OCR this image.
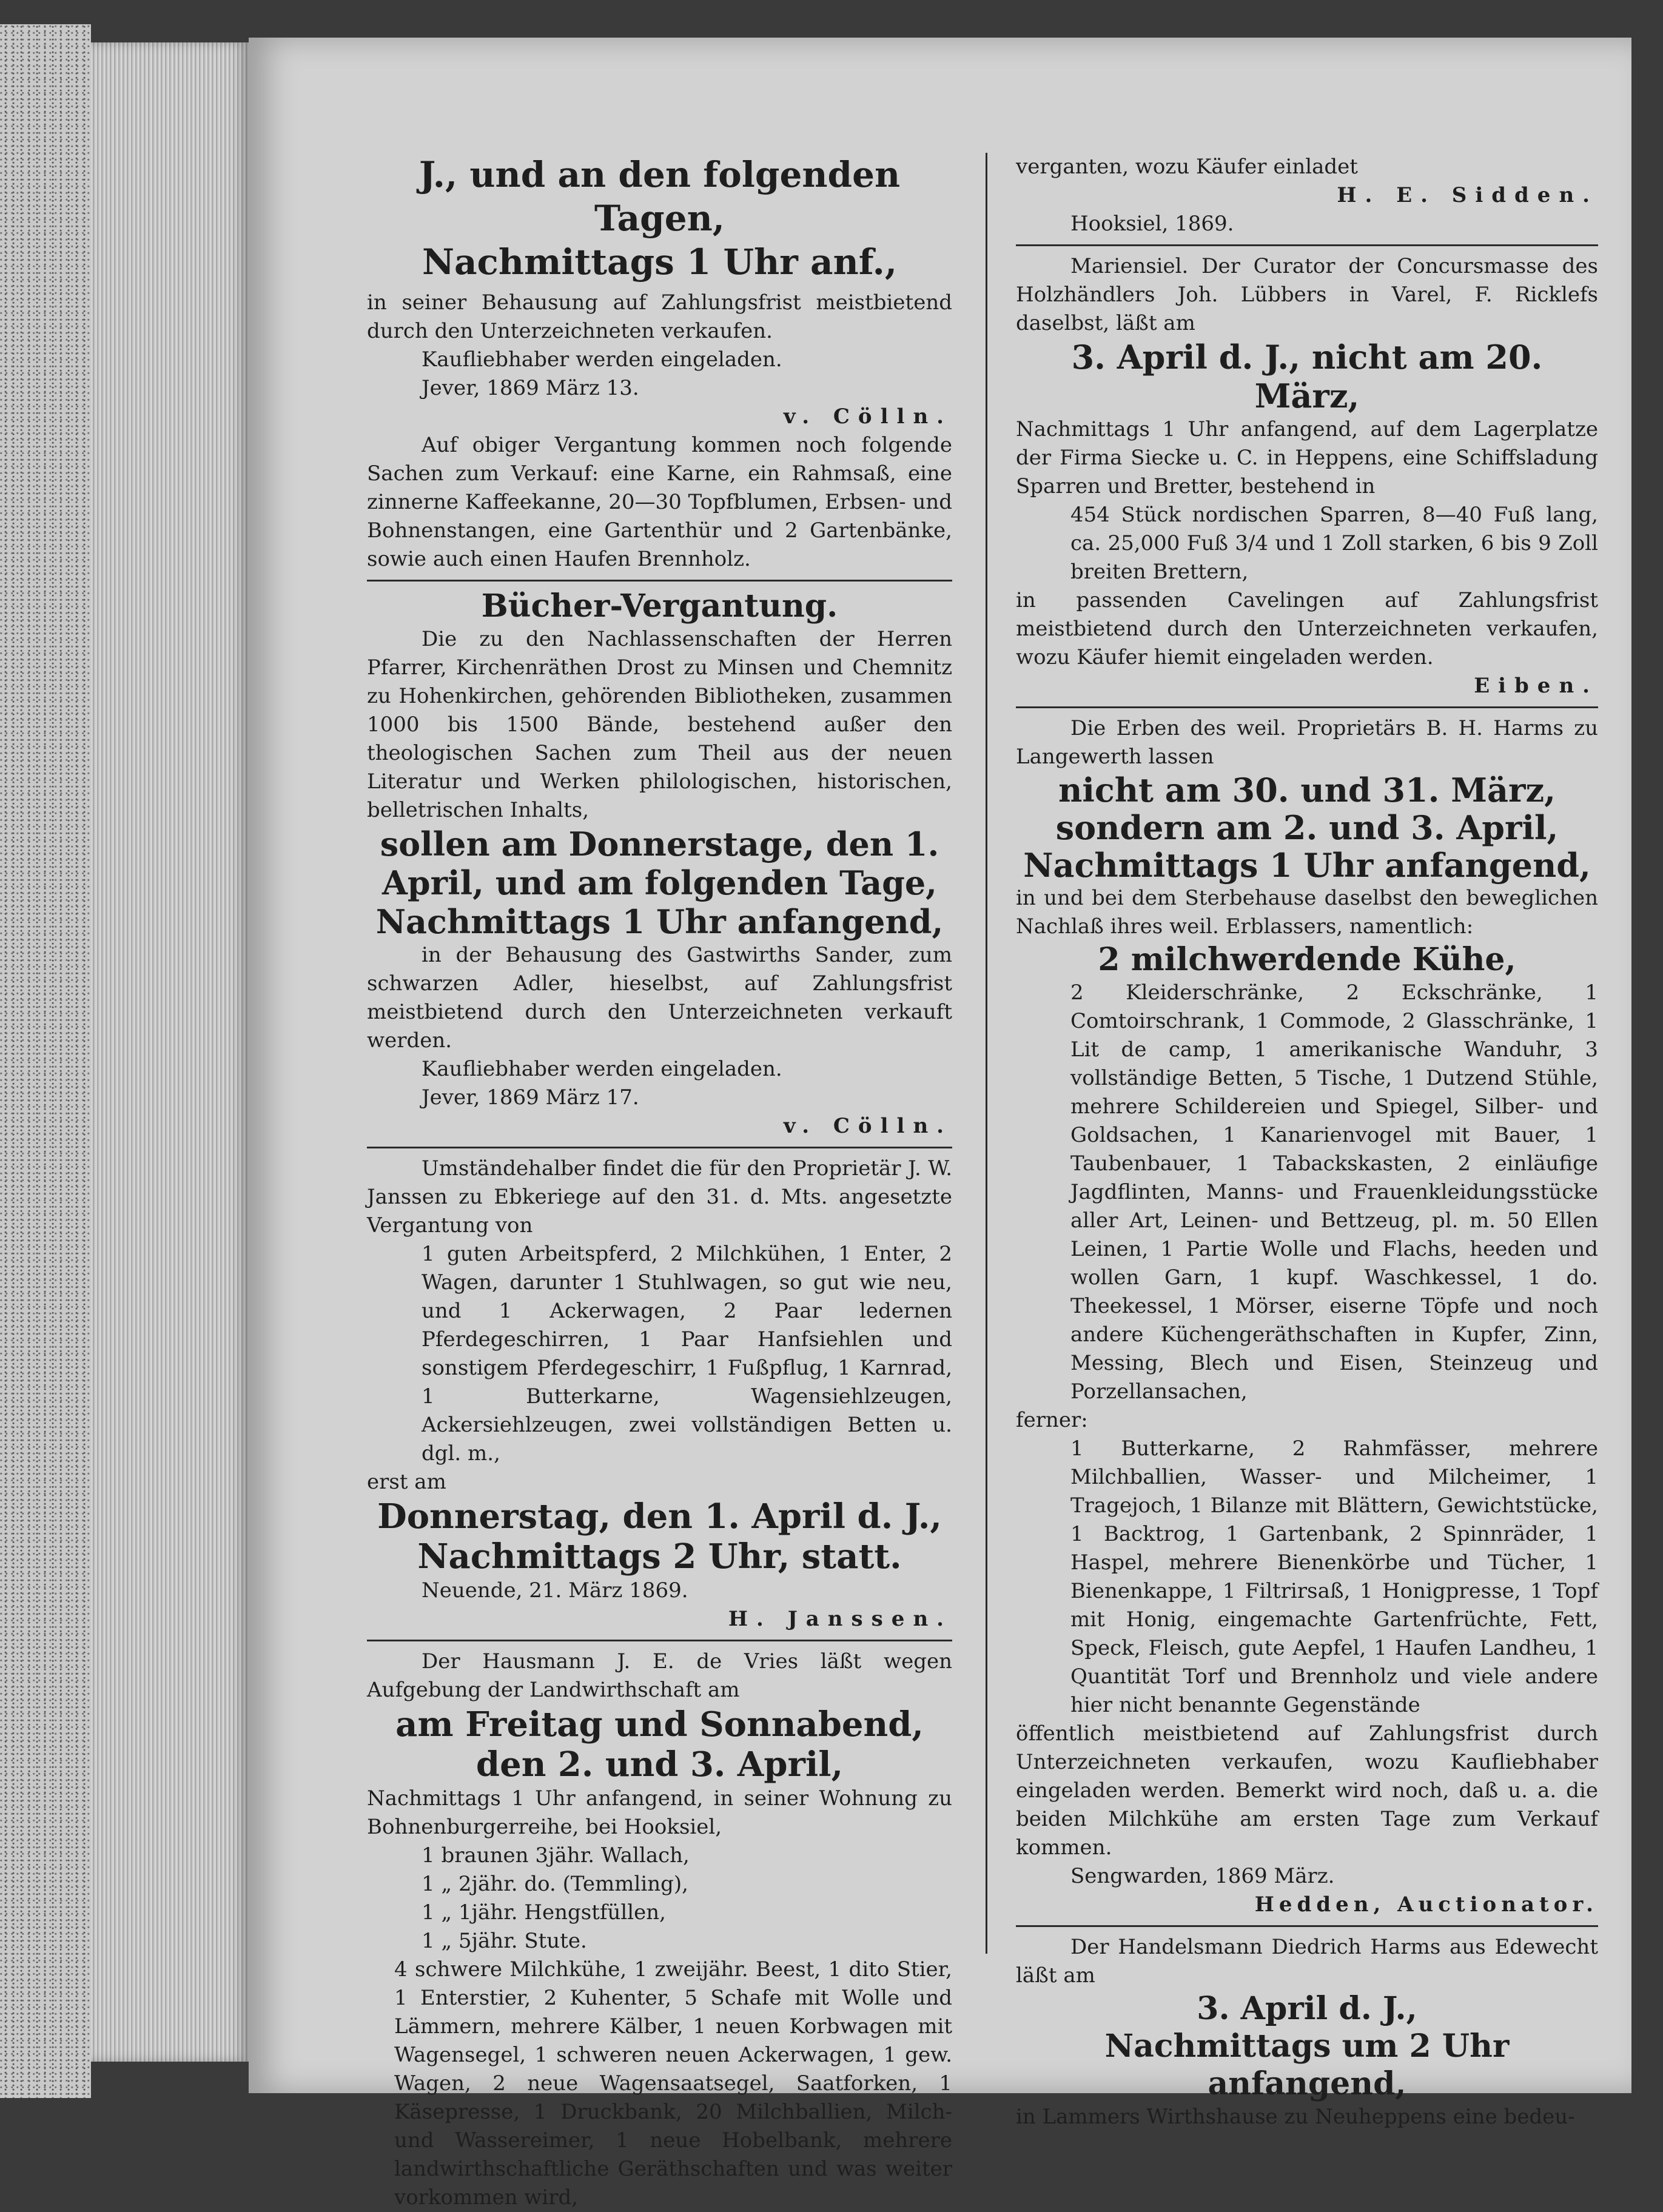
J., und an den folgenden Tagen,

Nachmittags 1 Uhr anf.,

in seiner Behausung auf Zahlungsfrist meistbietend durch den Unterzeichneten verkaufen.

Kaufliebhaber werden eingeladen.

Jever, 1869 März 13.

v. Cölln.

Auf obiger Vergantung kommen noch folgende Sachen zum Verkauf: eine Karne, ein Rahmsaß, eine zinnerne Kaffeekanne, 20—30 Topfblumen, Erbsen- und Bohnenstangen, eine Gartenthür und 2 Gartenbänke, sowie auch einen Haufen Brennholz.

Bücher-Vergantung.

Die zu den Nachlassenschaften der Herren Pfarrer, Kirchenräthen Drost zu Minsen und Chemnitz zu Hohenkirchen, gehörenden Bibliotheken, zusammen 1000 bis 1500 Bände, bestehend außer den theologischen Sachen zum Theil aus der neuen Literatur und Werken philologischen, historischen, belletrischen Inhalts,

sollen am Donnerstage, den 1. April, und am folgenden Tage, Nachmittags 1 Uhr anfangend,

in der Behausung des Gastwirths Sander, zum schwarzen Adler, hieselbst, auf Zahlungsfrist meistbietend durch den Unterzeichneten verkauft werden.

Kaufliebhaber werden eingeladen.

Jever, 1869 März 17.

v. Cölln.

Umständehalber findet die für den Proprietär J. W. Janssen zu Ebkeriege auf den 31. d. Mts. angesetzte Vergantung von

1 guten Arbeitspferd, 2 Milchkühen, 1 Enter, 2 Wagen, darunter 1 Stuhlwagen, so gut wie neu, und 1 Ackerwagen, 2 Paar ledernen Pferdegeschirren, 1 Paar Hanfsiehlen und sonstigem Pferdegeschirr, 1 Fußpflug, 1 Karnrad, 1 Butterkarne, Wagensiehlzeugen, Ackersiehlzeugen, zwei vollständigen Betten u. dgl. m.,

erst am

Donnerstag, den 1. April d. J., Nachmittags 2 Uhr, statt.

Neuende, 21. März 1869.

H. Janssen.

Der Hausmann J. E. de Vries läßt wegen Aufgebung der Landwirthschaft am

am Freitag und Sonnabend, den 2. und 3. April,

Nachmittags 1 Uhr anfangend, in seiner Wohnung zu Bohnenburgerreihe, bei Hooksiel,

1 braunen 3jähr. Wallach,

1 „ 2jähr. do. (Temmling),

1 „ 1jähr. Hengstfüllen,

1 „ 5jähr. Stute.

4 schwere Milchkühe, 1 zweijähr. Beest, 1 dito Stier, 1 Enterstier, 2 Kuhenter, 5 Schafe mit Wolle und Lämmern, mehrere Kälber, 1 neuen Korbwagen mit Wagensegel, 1 schweren neuen Ackerwagen, 1 gew. Wagen, 2 neue Wagensaatsegel, Saatforken, 1 Käsepresse, 1 Druckbank, 20 Milchballien, Milch- und Wassereimer, 1 neue Hobelbank, mehrere landwirthschaftliche Geräthschaften und was weiter vorkommen wird,

verganten, wozu Käufer einladet

H. E. Sidden.

Hooksiel, 1869.

Mariensiel. Der Curator der Concursmasse des Holzhändlers Joh. Lübbers in Varel, F. Ricklefs daselbst, läßt am

3. April d. J., nicht am 20. März,

Nachmittags 1 Uhr anfangend, auf dem Lagerplatze der Firma Siecke u. C. in Heppens, eine Schiffsladung Sparren und Bretter, bestehend in

454 Stück nordischen Sparren, 8—40 Fuß lang, ca. 25,000 Fuß 3/4 und 1 Zoll starken, 6 bis 9 Zoll breiten Brettern,

in passenden Cavelingen auf Zahlungsfrist meistbietend durch den Unterzeichneten verkaufen, wozu Käufer hiemit eingeladen werden.

Eiben.

Die Erben des weil. Proprietärs B. H. Harms zu Langewerth lassen

nicht am 30. und 31. März, sondern am 2. und 3. April, Nachmittags 1 Uhr anfangend,

in und bei dem Sterbehause daselbst den beweglichen Nachlaß ihres weil. Erblassers, namentlich:

2 milchwerdende Kühe,

2 Kleiderschränke, 2 Eckschränke, 1 Comtoirschrank, 1 Commode, 2 Glasschränke, 1 Lit de camp, 1 amerikanische Wanduhr, 3 vollständige Betten, 5 Tische, 1 Dutzend Stühle, mehrere Schildereien und Spiegel, Silber- und Goldsachen, 1 Kanarienvogel mit Bauer, 1 Taubenbauer, 1 Tabackskasten, 2 einläufige Jagdflinten, Manns- und Frauenkleidungsstücke aller Art, Leinen- und Bettzeug, pl. m. 50 Ellen Leinen, 1 Partie Wolle und Flachs, heeden und wollen Garn, 1 kupf. Waschkessel, 1 do. Theekessel, 1 Mörser, eiserne Töpfe und noch andere Küchengeräthschaften in Kupfer, Zinn, Messing, Blech und Eisen, Steinzeug und Porzellansachen,

ferner:

1 Butterkarne, 2 Rahmfässer, mehrere Milchballien, Wasser- und Milcheimer, 1 Tragejoch, 1 Bilanze mit Blättern, Gewichtstücke, 1 Backtrog, 1 Gartenbank, 2 Spinnräder, 1 Haspel, mehrere Bienenkörbe und Tücher, 1 Bienenkappe, 1 Filtrirsaß, 1 Honigpresse, 1 Topf mit Honig, eingemachte Gartenfrüchte, Fett, Speck, Fleisch, gute Aepfel, 1 Haufen Landheu, 1 Quantität Torf und Brennholz und viele andere hier nicht benannte Gegenstände

öffentlich meistbietend auf Zahlungsfrist durch Unterzeichneten verkaufen, wozu Kaufliebhaber eingeladen werden. Bemerkt wird noch, daß u. a. die beiden Milchkühe am ersten Tage zum Verkauf kommen.

Sengwarden, 1869 März.

Hedden, Auctionator.

Der Handelsmann Diedrich Harms aus Edewecht läßt am

3. April d. J.,

Nachmittags um 2 Uhr anfangend,

in Lammers Wirthshause zu Neuheppens eine bedeu-
